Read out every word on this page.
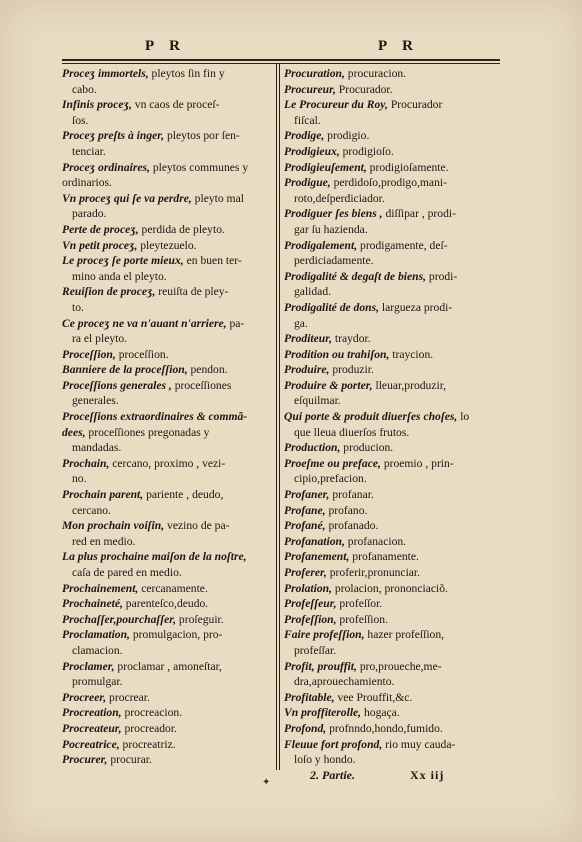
P R	P R

Proceʒ immortels, pleytos ſin fin y

cabo.

Infinis proceʒ, vn caos de proceſ-

ſos.

Proceʒ preſts à inger, pleytos por ſen-

tenciar.

Proceʒ ordinaires, pleytos communes y ordinarios.

Vn proceʒ qui ſe va perdre, pleyto mal

parado.

Perte de proceʒ, perdida de pleyto.

Vn petit proceʒ, pleytezuelo.

Le proceʒ ſe porte mieux, en buen ter-

mino anda el pleyto.

Reuiſion de proceʒ, reuiſta de pley-

to.

Ce proceʒ ne va n'auant n'arriere, pa-

ra el pleyto.

Proceſſion, proceſſion.

Banniere de la proceſſion, pendon.

Proceſſions generales , proceſſiones

generales.

Proceſſions extraordinaires & commã-

dees, proceſſiones pregonadas y

mandadas.

Prochain, cercano, proximo , vezi-

no.

Prochain parent, pariente , deudo,

cercano.

Mon prochain voiſin, vezino de pa-

red en medio.

La plus prochaine maiſon de la noſtre,

caſa de pared en medio.

Prochainement, cercanamente.

Prochaineté, parenteſco,deudo.

Prochaſſer,pourchaſſer, proſeguir.

Proclamation, promulgacion, pro-

clamacion.

Proclamer, proclamar , amoneſtar,

promulgar.

Procreer, procrear.

Procreation, procreacion.

Procreateur, procreador.

Pocreatrice, procreatriz.

Procurer, procurar.

Procuration, procuracion.

Procureur, Procurador.

Le Procureur du Roy, Procurador

fiſcal.

Prodige, prodigio.

Prodigieux, prodigioſo.

Prodigieuſement, prodigioſamente.

Prodigue, perdidoſo,prodigo,mani-

roto,deſperdiciador.

Prodiguer ſes biens , diſſipar , prodi-

gar ſu hazienda.

Prodigalement, prodigamente, deſ-

perdiciadamente.

Prodigalité & degaſt de biens, prodi-

galidad.

Prodigalité de dons, largueza prodi-

ga.

Proditeur, traydor.

Prodition ou trahiſon, traycion.

Produire, produzir.

Produire & porter, lleuar,produzir,

eſquilmar.

Qui porte & produit diuerſes choſes, lo

que lleua diuerſos frutos.

Production, producion.

Proeſme ou preface, proemio , prin-

cipio,prefacion.

Profaner, profanar.

Profane, profano.

Profané, profanado.

Profanation, profanacion.

Profanement, profanamente.

Proferer, proferir,pronunciar.

Prolation, prolacion, prononciaciõ.

Profeſſeur, profeſſor.

Profeſſion, profeſſion.

Faire profeſſion, hazer profeſſion,

profeſſar.

Profit, prouffit, pro,proueche,me-

dra,aprouechamiento.

Profitable, vee Prouffit,&c.

Vn proffiterolle, hogaça.

Profond, profnndo,hondo,fumido.

Fleuue fort profond, rio muy cauda-

loſo y hondo.

✦
2. Partie.	Xx iij
